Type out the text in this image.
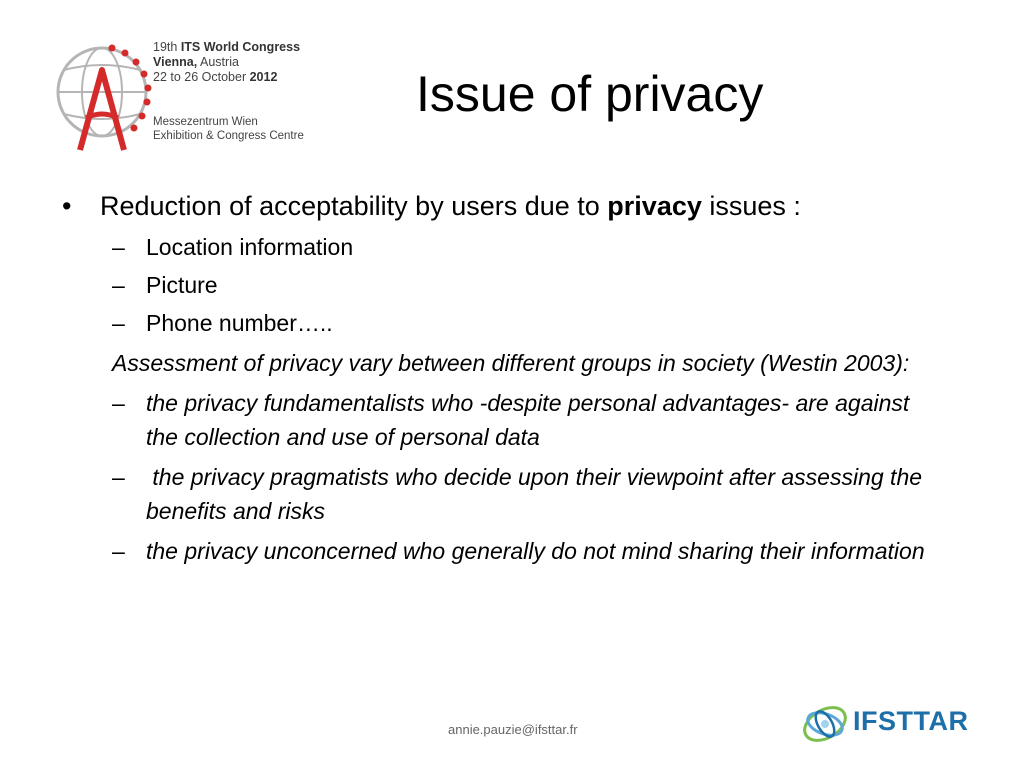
19th ITS World Congress
Vienna, Austria
22 to 26 October 2012
Messezentrum Wien
Exhibition & Congress Centre
Issue of privacy
• Reduction of acceptability by users due to privacy issues :
– Location information
– Picture
– Phone number…..
Assessment of privacy vary between different groups in society (Westin 2003):
– the privacy fundamentalists who -despite personal advantages- are against the collection and use of personal data
– the privacy pragmatists who decide upon their viewpoint after assessing the benefits and risks
– the privacy unconcerned who generally do not mind sharing their information
annie.pauzie@ifsttar.fr	IFSTTAR
